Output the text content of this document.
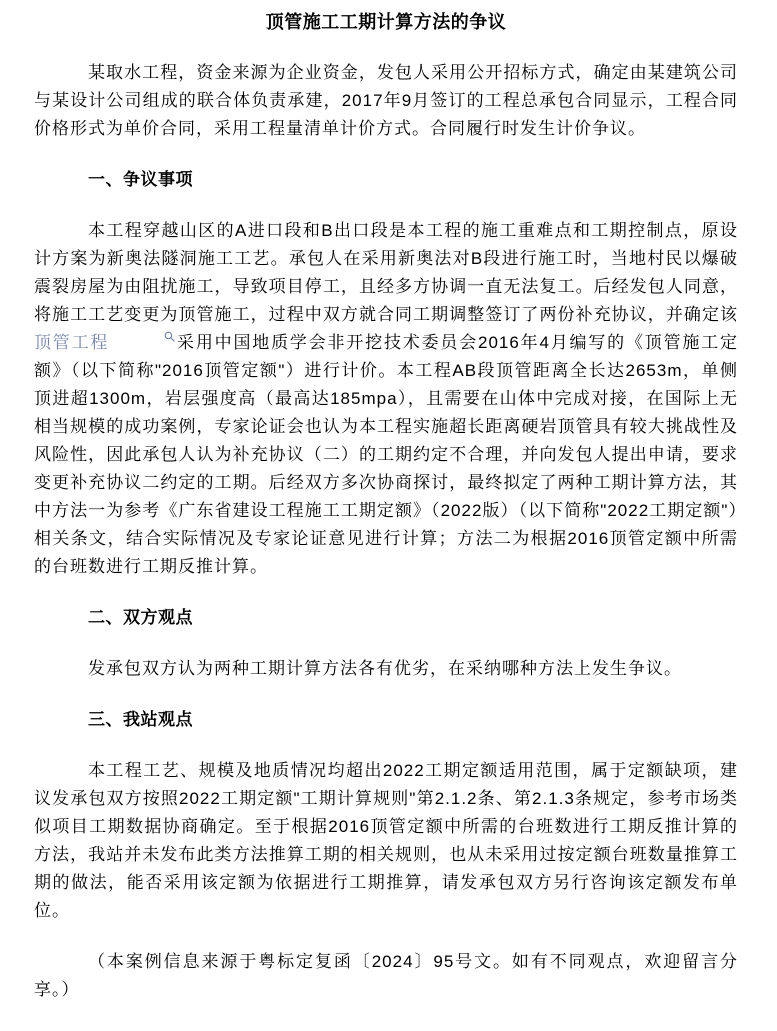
顶管施工工期计算方法的争议

某取水工程，资金来源为企业资金，发包人采用公开招标方式，确定由某建筑公司与某设计公司组成的联合体负责承建，2017年9月签订的工程总承包合同显示，工程合同价格形式为单价合同，采用工程量清单计价方式。合同履行时发生计价争议。

一、争议事项

本工程穿越山区的A进口段和B出口段是本工程的施工重难点和工期控制点，原设计方案为新奥法隧洞施工工艺。承包人在采用新奥法对B段进行施工时，当地村民以爆破震裂房屋为由阻扰施工，导致项目停工，且经多方协调一直无法复工。后经发包人同意，将施工工艺变更为顶管施工，过程中双方就合同工期调整签订了两份补充协议，并确定该顶管工程	采用中国地质学会非开挖技术委员会2016年4月编写的《顶管施工定额》（以下简称"2016顶管定额"）进行计价。本工程AB段顶管距离全长达2653m，单侧顶进超1300m，岩层强度高（最高达185mpa），且需要在山体中完成对接，在国际上无相当规模的成功案例，专家论证会也认为本工程实施超长距离硬岩顶管具有较大挑战性及风险性，因此承包人认为补充协议（二）的工期约定不合理，并向发包人提出申请，要求变更补充协议二约定的工期。后经双方多次协商探讨，最终拟定了两种工期计算方法，其中方法一为参考《广东省建设工程施工工期定额》（2022版）（以下简称"2022工期定额"）相关条文，结合实际情况及专家论证意见进行计算；方法二为根据2016顶管定额中所需的台班数进行工期反推计算。

二、双方观点

发承包双方认为两种工期计算方法各有优劣，在采纳哪种方法上发生争议。

三、我站观点

本工程工艺、规模及地质情况均超出2022工期定额适用范围，属于定额缺项，建议发承包双方按照2022工期定额"工期计算规则"第2.1.2条、第2.1.3条规定，参考市场类似项目工期数据协商确定。至于根据2016顶管定额中所需的台班数进行工期反推计算的方法，我站并未发布此类方法推算工期的相关规则，也从未采用过按定额台班数量推算工期的做法，能否采用该定额为依据进行工期推算，请发承包双方另行咨询该定额发布单位。

（本案例信息来源于粤标定复函〔2024〕95号文。如有不同观点，欢迎留言分享。）
